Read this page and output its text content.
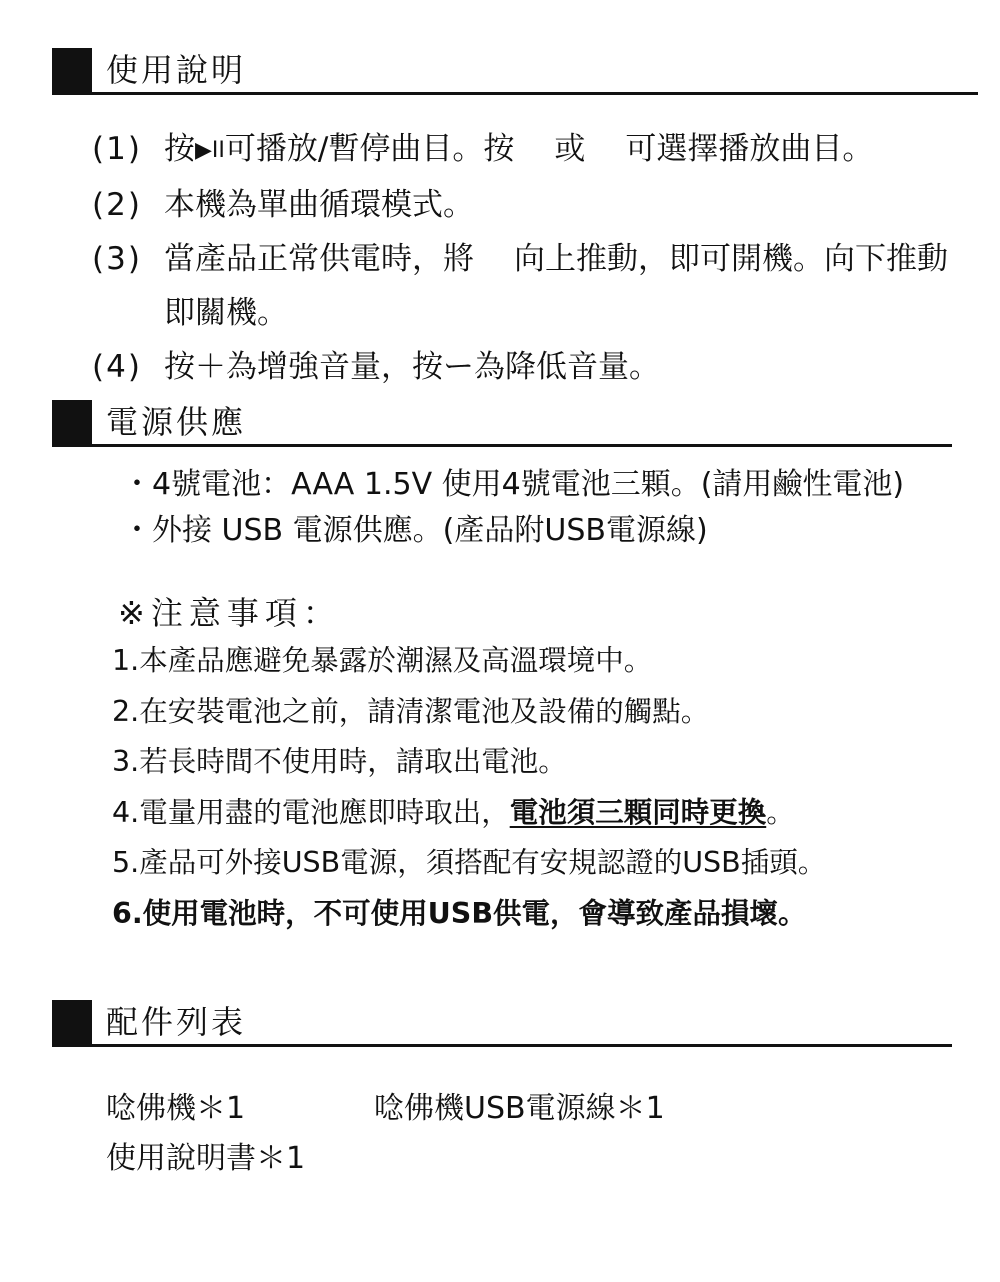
使用說明
(1) 按▶II可播放/暫停曲目。按 或 可選擇播放曲目。
(2) 本機為單曲循環模式。
(3) 當產品正常供電時，將 向上推動，即可開機。向下推動即關機。
(4) 按＋為增強音量，按ー為降低音量。
電源供應
・4號電池：AAA 1.5V 使用4號電池三顆。(請用鹼性電池)
・外接 USB 電源供應。(產品附USB電源線)
※注意事項：
1.本產品應避免暴露於潮濕及高溫環境中。
2.在安裝電池之前，請清潔電池及設備的觸點。
3.若長時間不使用時，請取出電池。
4.電量用盡的電池應即時取出，電池須三顆同時更換。
5.產品可外接USB電源，須搭配有安規認證的USB插頭。
6.使用電池時，不可使用USB供電，會導致產品損壞。
配件列表
唸佛機＊1	唸佛機USB電源線＊1
使用說明書＊1
